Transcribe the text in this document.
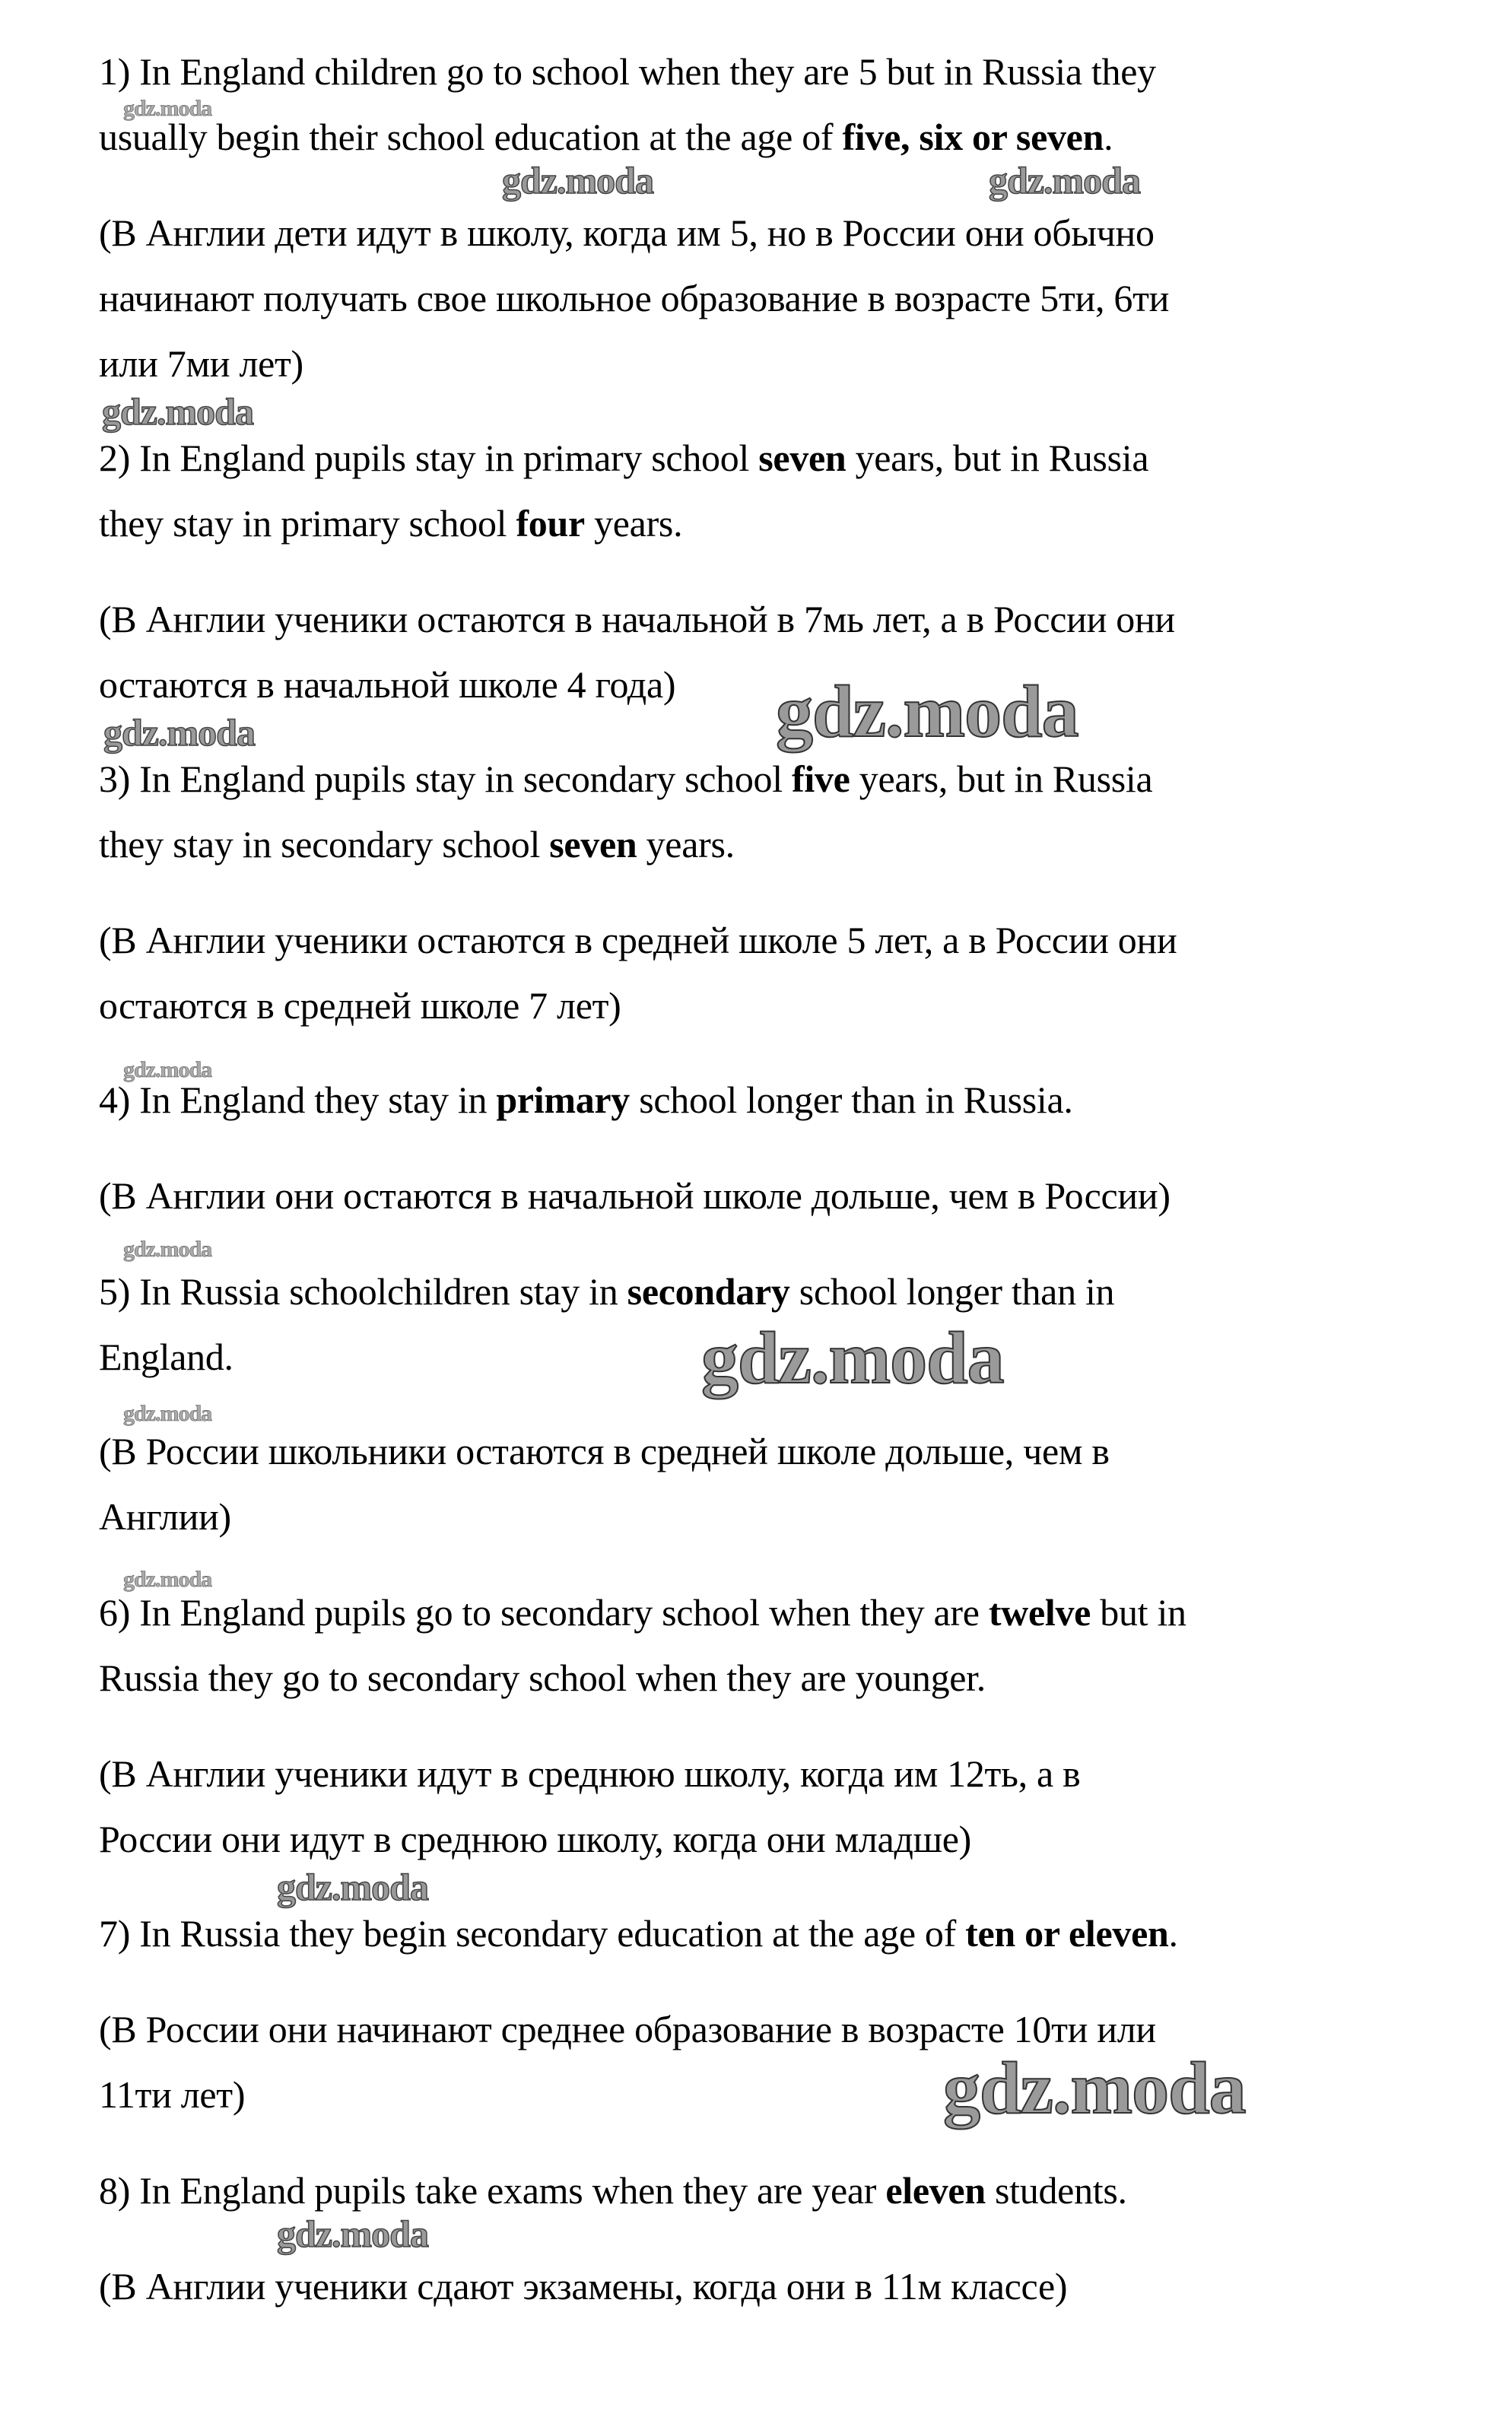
1) In England children go to school when they are 5 but in Russia they
gdz.moda
usually begin their school education at the age of five, six or seven.
gdz.moda	gdz.moda
(В Англии дети идут в школу, когда им 5, но в России они обычно
начинают получать свое школьное образование в возрасте 5ти, 6ти
или 7ми лет)
gdz.moda
2) In England pupils stay in primary school seven years, but in Russia
they stay in primary school four years.
(В Англии ученики остаются в начальной в 7мь лет, а в России они
остаются в начальной школе 4 года) gdz.moda
gdz.moda
3) In England pupils stay in secondary school five years, but in Russia
they stay in secondary school seven years.
(В Англии ученики остаются в средней школе 5 лет, а в России они
остаются в средней школе 7 лет)
gdz.moda
4) In England they stay in primary school longer than in Russia.
(В Англии они остаются в начальной школе дольше, чем в России)
gdz.moda
5) In Russia schoolchildren stay in secondary school longer than in
England.	gdz.moda
gdz.moda
(В России школьники остаются в средней школе дольше, чем в
Англии)
gdz.moda
6) In England pupils go to secondary school when they are twelve but in
Russia they go to secondary school when they are younger.
(В Англии ученики идут в среднюю школу, когда им 12ть, а в
России они идут в среднюю школу, когда они младше)
gdz.moda
7) In Russia they begin secondary education at the age of ten or eleven.
(В России они начинают среднее образование в возрасте 10ти или
11ти лет)	gdz.moda
8) In England pupils take exams when they are year eleven students.
gdz.moda
(В Англии ученики сдают экзамены, когда они в 11м классе)
